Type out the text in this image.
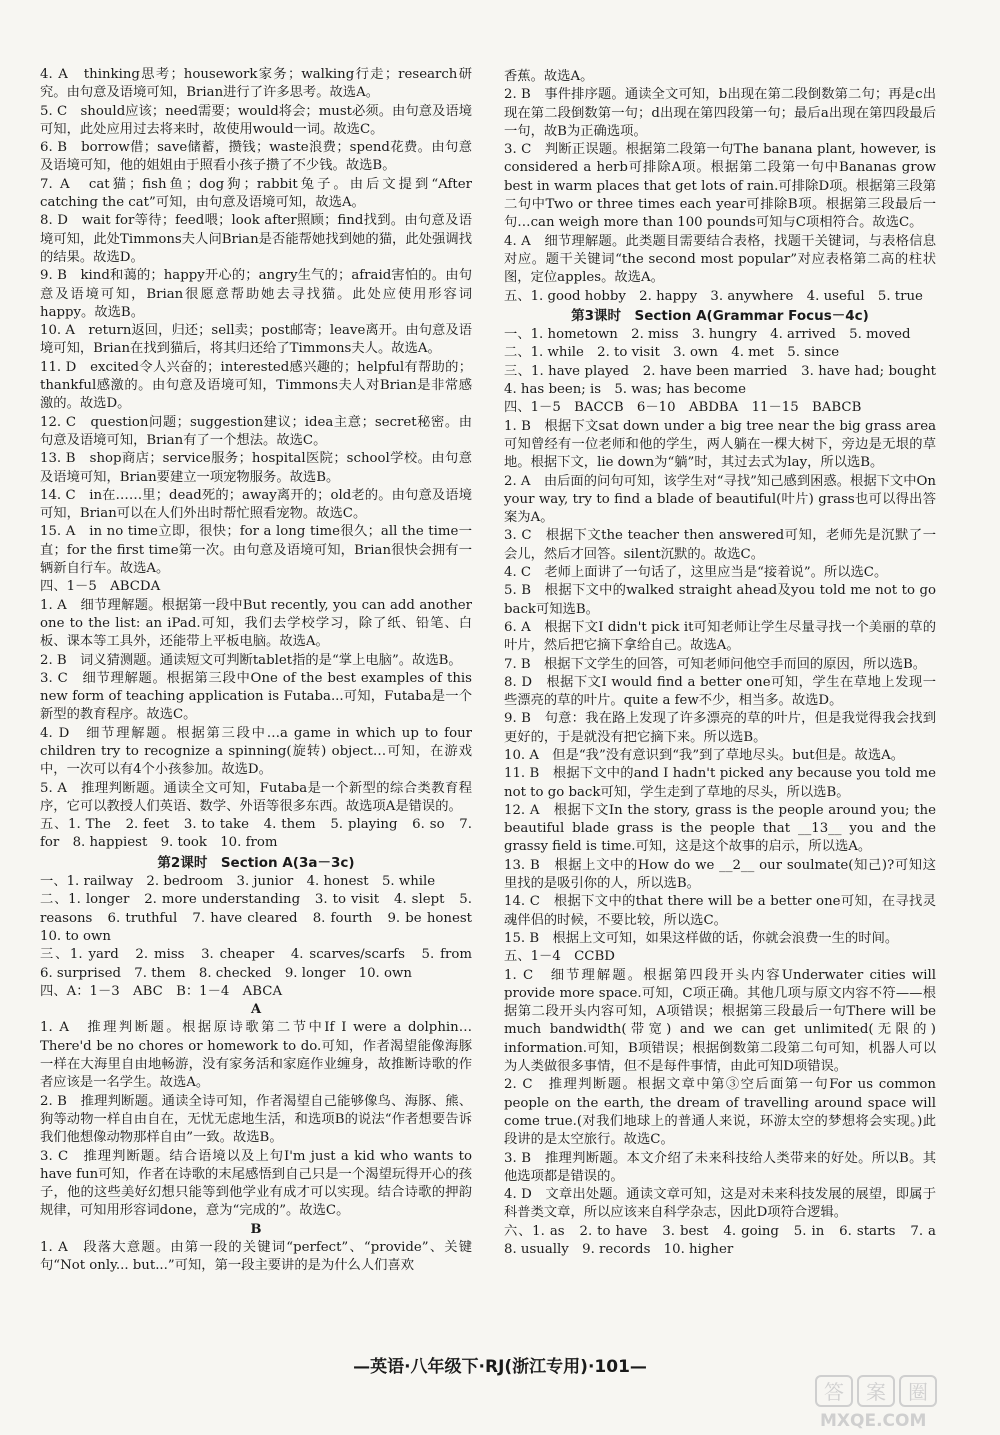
4. A　thinking思考；housework家务；walking行走；research研究。由句意及语境可知，Brian进行了许多思考。故选A。

5. C　should应该；need需要；would将会；must必须。由句意及语境可知，此处应用过去将来时，故使用would一词。故选C。

6. B　borrow借；save储蓄，攒钱；waste浪费；spend花费。由句意及语境可知，他的姐姐由于照看小孩子攒了不少钱。故选B。

7. A　cat猫；fish鱼；dog狗；rabbit兔子。由后文提到“After catching the cat”可知，由句意及语境可知，故选A。

8. D　wait for等待；feed喂；look after照顾；find找到。由句意及语境可知，此处Timmons夫人问Brian是否能帮她找到她的猫，此处强调找的结果。故选D。

9. B　kind和蔼的；happy开心的；angry生气的；afraid害怕的。由句意及语境可知，Brian很愿意帮助她去寻找猫。此处应使用形容词happy。故选B。

10. A　return返回，归还；sell卖；post邮寄；leave离开。由句意及语境可知，Brian在找到猫后，将其归还给了Timmons夫人。故选A。

11. D　excited令人兴奋的；interested感兴趣的；helpful有帮助的；thankful感激的。由句意及语境可知，Timmons夫人对Brian是非常感激的。故选D。

12. C　question问题；suggestion建议；idea主意；secret秘密。由句意及语境可知，Brian有了一个想法。故选C。

13. B　shop商店；service服务；hospital医院；school学校。由句意及语境可知，Brian要建立一项宠物服务。故选B。

14. C　in在……里；dead死的；away离开的；old老的。由句意及语境可知，Brian可以在人们外出时帮忙照看宠物。故选C。

15. A　in no time立即，很快；for a long time很久；all the time一直；for the first time第一次。由句意及语境可知，Brian很快会拥有一辆新自行车。故选A。

四、1－5　ABCDA

1. A　细节理解题。根据第一段中But recently, you can add another one to the list: an iPad.可知，我们去学校学习，除了纸、铅笔、白板、课本等工具外，还能带上平板电脑。故选A。

2. B　词义猜测题。通读短文可判断tablet指的是“掌上电脑”。故选B。

3. C　细节理解题。根据第三段中One of the best examples of this new form of teaching application is Futaba...可知，Futaba是一个新型的教育程序。故选C。

4. D　细节理解题。根据第三段中…a game in which up to four children try to recognize a spinning(旋转) object…可知，在游戏中，一次可以有4个小孩参加。故选D。

5. A　推理判断题。通读全文可知，Futaba是一个新型的综合类教育程序，它可以教授人们英语、数学、外语等很多东西。故选项A是错误的。

五、1. The　2. feet　3. to take　4. them　5. playing　6. so　7. for　8. happiest　9. took　10. from

第2课时　Section A(3a－3c)

一、1. railway　2. bedroom　3. junior　4. honest　5. while

二、1. longer　2. more understanding　3. to visit　4. slept　5. reasons　6. truthful　7. have cleared　8. fourth　9. be honest　10. to own

三、1. yard　2. miss　3. cheaper　4. scarves/scarfs　5. from　6. surprised　7. them　8. checked　9. longer　10. own

四、A：1－3　ABC　B：1－4　ABCA

A

1. A　推理判断题。根据原诗歌第二节中If I were a dolphin… There'd be no chores or homework to do.可知，作者渴望能像海豚一样在大海里自由地畅游，没有家务活和家庭作业缠身，故推断诗歌的作者应该是一名学生。故选A。

2. B　推理判断题。通读全诗可知，作者渴望自己能够像鸟、海豚、熊、狗等动物一样自由自在，无忧无虑地生活，和选项B的说法“作者想要告诉我们他想像动物那样自由”一致。故选B。

3. C　推理判断题。结合语境以及上句I'm just a kid who wants to have fun可知，作者在诗歌的末尾感悟到自己只是一个渴望玩得开心的孩子，他的这些美好幻想只能等到他学业有成才可以实现。结合诗歌的押韵规律，可知用形容词done，意为“完成的”。故选C。

B

1. A　段落大意题。由第一段的关键词“perfect”、“provide”、关键句“Not only... but...”可知，第一段主要讲的是为什么人们喜欢

香蕉。故选A。

2. B　事件排序题。通读全文可知，b出现在第二段倒数第二句；再是c出现在第二段倒数第一句；d出现在第四段第一句；最后a出现在第四段最后一句，故B为正确选项。

3. C　判断正误题。根据第二段第一句The banana plant, however, is considered a herb可排除A项。根据第二段第一句中Bananas grow best in warm places that get lots of rain.可排除D项。根据第三段第二句中Two or three times each year可排除B项。根据第三段最后一句…can weigh more than 100 pounds可知与C项相符合。故选C。

4. A　细节理解题。此类题目需要结合表格，找题干关键词，与表格信息对应。题干关键词“the second most popular”对应表格第二高的柱状图，定位apples。故选A。

五、1. good hobby　2. happy　3. anywhere　4. useful　5. true

第3课时　Section A(Grammar Focus－4c)

一、1. hometown　2. miss　3. hungry　4. arrived　5. moved

二、1. while　2. to visit　3. own　4. met　5. since

三、1. have played　2. have been married　3. have had; bought　4. has been; is　5. was; has become

四、1－5　BACCB　6－10　ABDBA　11－15　BABCB

1. B　根据下文sat down under a big tree near the big grass area可知曾经有一位老师和他的学生，两人躺在一棵大树下，旁边是无垠的草地。根据下文，lie down为“躺”时，其过去式为lay，所以选B。

2. A　由后面的问句可知，该学生对“寻找”知己感到困惑。根据下文中On your way, try to find a blade of beautiful(叶片) grass也可以得出答案为A。

3. C　根据下文the teacher then answered可知，老师先是沉默了一会儿，然后才回答。silent沉默的。故选C。

4. C　老师上面讲了一句话了，这里应当是“接着说”。所以选C。

5. B　根据下文中的walked straight ahead及you told me not to go back可知选B。

6. A　根据下文I didn't pick it可知老师让学生尽量寻找一个美丽的草的叶片，然后把它摘下拿给自己。故选A。

7. B　根据下文学生的回答，可知老师问他空手而回的原因，所以选B。

8. D　根据下文I would find a better one可知，学生在草地上发现一些漂亮的草的叶片。quite a few不少，相当多。故选D。

9. B　句意：我在路上发现了许多漂亮的草的叶片，但是我觉得我会找到更好的，于是就没有把它摘下来。所以选B。

10. A　但是“我”没有意识到“我”到了草地尽头。but但是。故选A。

11. B　根据下文中的and I hadn't picked any because you told me not to go back可知，学生走到了草地的尽头，所以选B。

12. A　根据下文In the story, grass is the people around you; the beautiful blade grass is the people that __13__ you and the grassy field is time.可知，这是这个故事的启示，所以选A。

13. B　根据上文中的How do we __2__ our soulmate(知己)?可知这里找的是吸引你的人，所以选B。

14. C　根据下文中的that there will be a better one可知，在寻找灵魂伴侣的时候，不要比较，所以选C。

15. B　根据上文可知，如果这样做的话，你就会浪费一生的时间。

五、1－4　CCBD

1. C　细节理解题。根据第四段开头内容Underwater cities will provide more space.可知，C项正确。其他几项与原文内容不符——根据第二段开头内容可知，A项错误；根据第三段最后一句There will be much bandwidth(带宽) and we can get unlimited(无限的) information.可知，B项错误；根据倒数第二段第二句可知，机器人可以为人类做很多事情，但不是每件事情，由此可知D项错误。

2. C　推理判断题。根据文章中第③空后面第一句For us common people on the earth, the dream of travelling around space will come true.(对我们地球上的普通人来说，环游太空的梦想将会实现。)此段讲的是太空旅行。故选C。

3. B　推理判断题。本文介绍了未来科技给人类带来的好处。所以B。其他选项都是错误的。

4. D　文章出处题。通读文章可知，这是对未来科技发展的展望，即属于科普类文章，所以应该来自科学杂志，因此D项符合逻辑。

六、1. as　2. to have　3. best　4. going　5. in　6. starts　7. a　8. usually　9. records　10. higher

—英语·八年级下·RJ(浙江专用)·101—
答 案 圈
MXQE.COM
